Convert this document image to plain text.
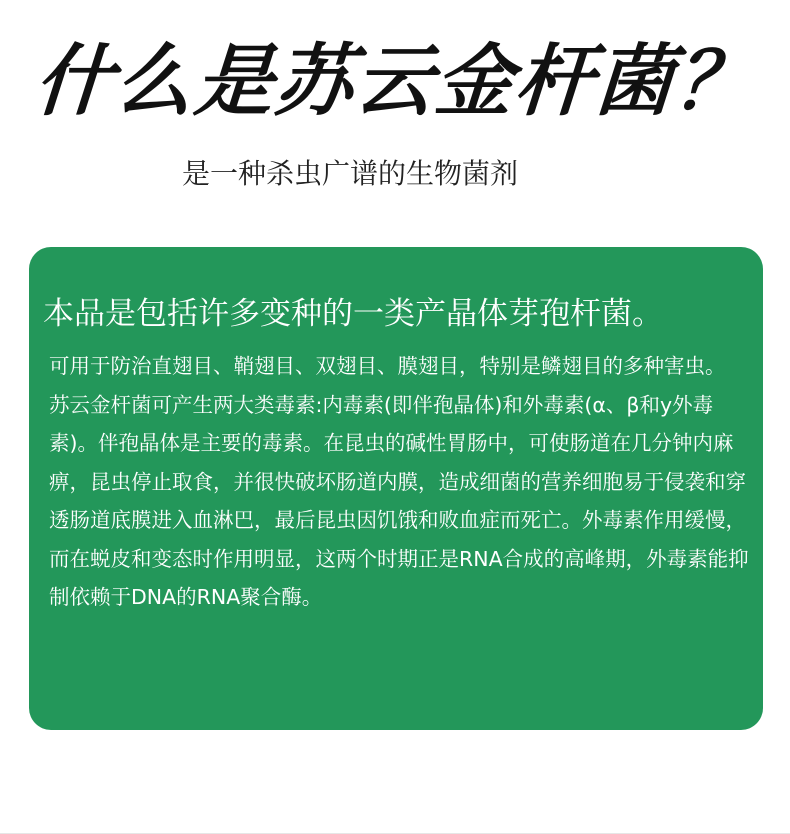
什么是苏云金杆菌？
是一种杀虫广谱的生物菌剂
本品是包括许多变种的一类产晶体芽孢杆菌。

可用于防治直翅目、鞘翅目、双翅目、膜翅目，特别是鳞翅目的多种害虫。

苏云金杆菌可产生两大类毒素:内毒素(即伴孢晶体)和外毒素(α、β和y外毒素)。伴孢晶体是主要的毒素。在昆虫的碱性胃肠中，可使肠道在几分钟内麻痹，昆虫停止取食，并很快破坏肠道内膜，造成细菌的营养细胞易于侵袭和穿透肠道底膜进入血淋巴，最后昆虫因饥饿和败血症而死亡。外毒素作用缓慢，而在蜕皮和变态时作用明显，这两个时期正是RNA合成的高峰期，外毒素能抑制依赖于DNA的RNA聚合酶。
